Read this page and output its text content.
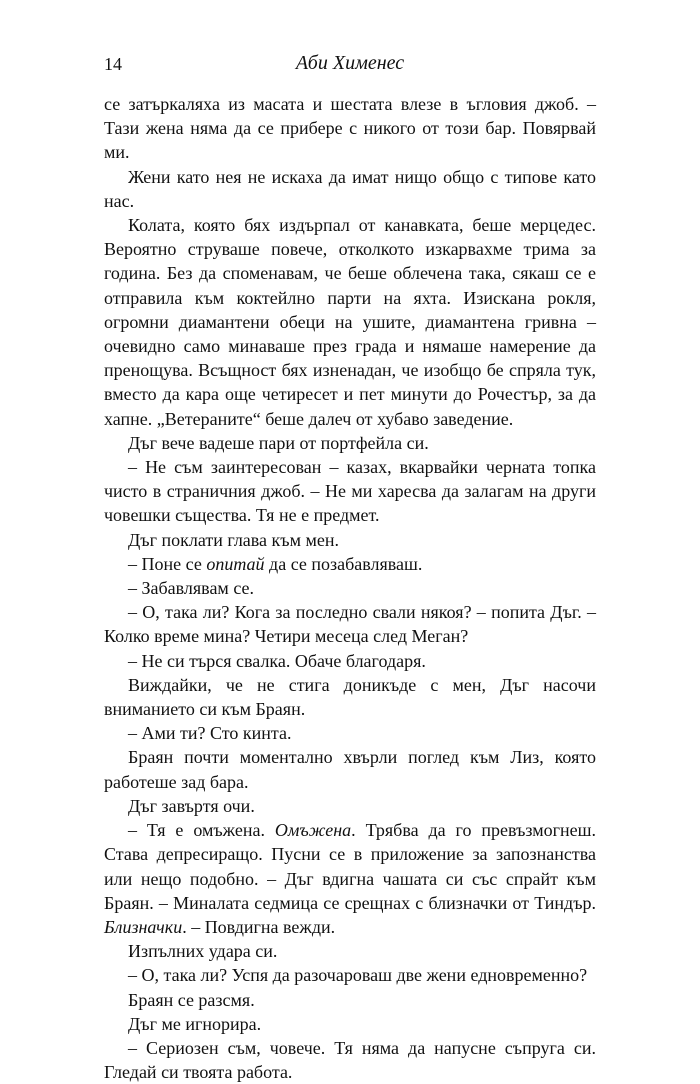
14	Аби Хименес

се затъркаляха из масата и шестата влезе в ъгловия джоб. – Тази жена няма да се прибере с никого от този бар. Повярвай ми.

Жени като нея не искаха да имат нищо общо с типове като нас.

Колата, която бях издърпал от канавката, беше мерцедес. Вероятно струваше повече, отколкото изкарвахме трима за година. Без да споменавам, че беше облечена така, сякаш се е отправила към коктейлно парти на яхта. Изискана рокля, огромни диамантени обеци на ушите, диамантена гривна – очевидно само минаваше през града и нямаше намерение да пренощува. Всъщност бях изненадан, че изобщо бе спряла тук, вместо да кара още четиресет и пет минути до Рочестър, за да хапне. „Ветераните“ беше далеч от хубаво заведение.

Дъг вече вадеше пари от портфейла си.

– Не съм заинтересован – казах, вкарвайки черната топка чисто в страничния джоб. – Не ми харесва да залагам на други човешки същества. Тя не е предмет.

Дъг поклати глава към мен.

– Поне се опитай да се позабавляваш.

– Забавлявам се.

– О, така ли? Кога за последно свали някоя? – попита Дъг. – Колко време мина? Четири месеца след Меган?

– Не си търся свалка. Обаче благодаря.

Виждайки, че не стига доникъде с мен, Дъг насочи вниманието си към Браян.

– Ами ти? Сто кинта.

Браян почти моментално хвърли поглед към Лиз, която работеше зад бара.

Дъг завъртя очи.

– Тя е омъжена. Омъжена. Трябва да го превъзмогнеш. Става депресиращо. Пусни се в приложение за запознанства или нещо подобно. – Дъг вдигна чашата си със спрайт към Браян. – Миналата седмица се срещнах с близначки от Тиндър. Близначки. – Повдигна вежди.

Изпълних удара си.

– О, така ли? Успя да разочароваш две жени едновременно?

Браян се разсмя.

Дъг ме игнорира.

– Сериозен съм, човече. Тя няма да напусне съпруга си. Гледай си твоята работа.
